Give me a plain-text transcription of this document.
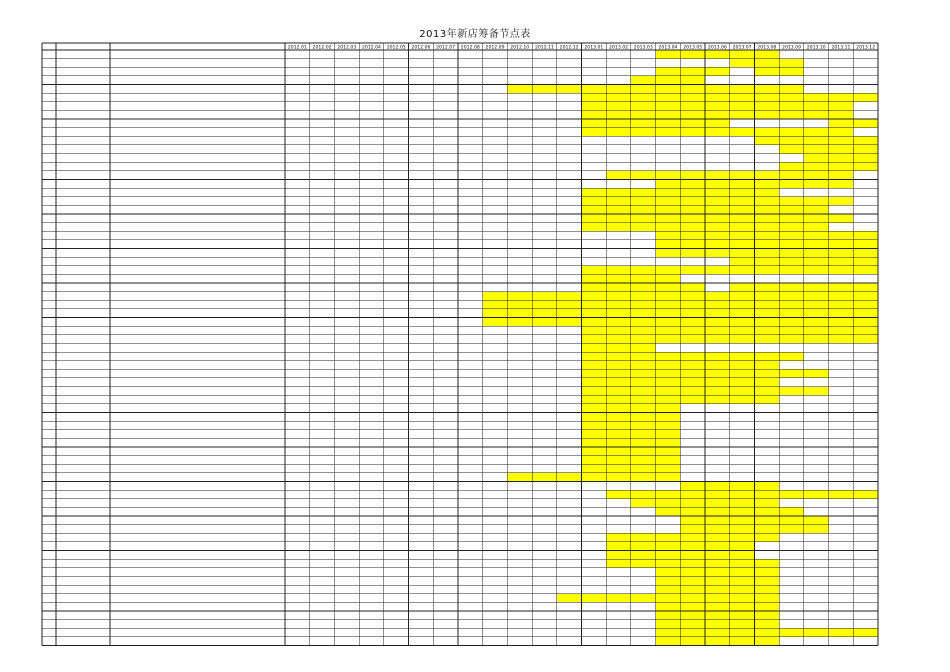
2013年新店筹备节点表
2012.01 2012.02 2012.03 2012.04 2012.05 2012.06 2012.07 2012.08 2012.09 2012.10 2012.11 2012.12 2013.01 2013.02 2013.03 2013.04 2013.05 2013.06 2013.07 2013.08 2013.09 2013.10 2013.11 2013.12
